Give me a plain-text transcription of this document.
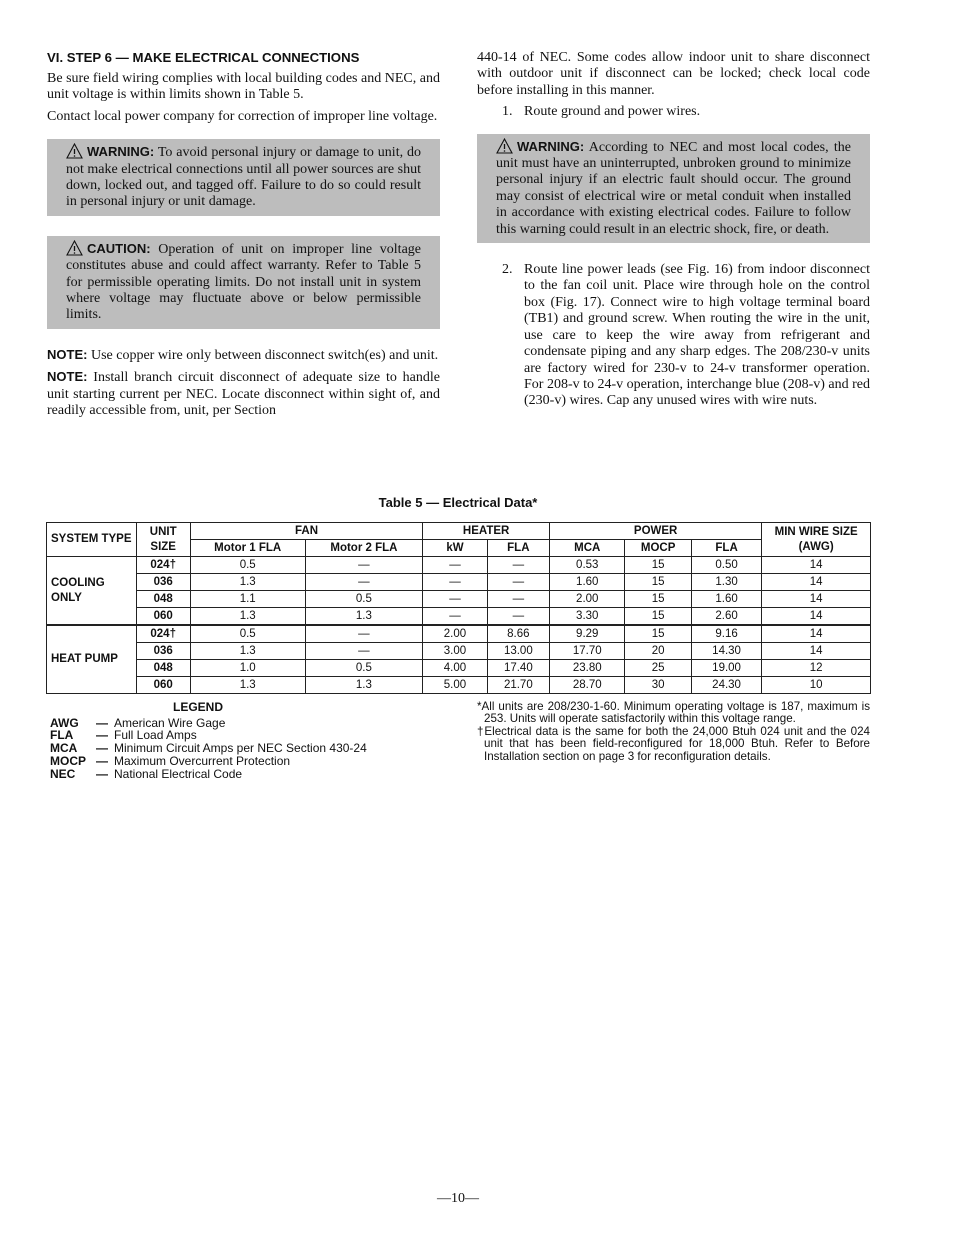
VI. STEP 6 — MAKE ELECTRICAL CONNECTIONS

Be sure field wiring complies with local building codes and NEC, and unit voltage is within limits shown in Table 5.

Contact local power company for correction of improper line voltage.

WARNING: To avoid personal injury or damage to unit, do not make electrical connections until all power sources are shut down, locked out, and tagged off. Failure to do so could result in personal injury or unit damage.
CAUTION: Operation of unit on improper line voltage constitutes abuse and could affect warranty. Refer to Table 5 for permissible operating limits. Do not install unit in system where voltage may fluctuate above or below permissible limits.

NOTE: Use copper wire only between disconnect switch(es) and unit.

NOTE: Install branch circuit disconnect of adequate size to handle unit starting current per NEC. Locate disconnect within sight of, and readily accessible from, unit, per Section

440-14 of NEC. Some codes allow indoor unit to share disconnect with outdoor unit if disconnect can be locked; check local code before installing in this manner.

1. Route ground and power wires.
WARNING: According to NEC and most local codes, the unit must have an uninterrupted, unbroken ground to minimize personal injury if an electric fault should occur. The ground may consist of electrical wire or metal conduit when installed in accordance with existing electrical codes. Failure to follow this warning could result in an electric shock, fire, or death.
2. Route line power leads (see Fig. 16) from indoor disconnect to the fan coil unit. Place wire through hole on the control box (Fig. 17). Connect wire to high voltage terminal board (TB1) and ground screw. When routing the wire in the unit, use care to keep the wire away from refrigerant and condensate piping and any sharp edges. The 208/230-v units are factory wired for 230-v to 24-v transformer operation. For 208-v to 24-v operation, interchange blue (208-v) and red (230-v) wires. Cap any unused wires with wire nuts.
Table 5 — Electrical Data*
SYSTEM TYPE	UNIT SIZE	FAN		HEATER		POWER			MIN WIRE SIZE (AWG)
		Motor 1 FLA	Motor 2 FLA	kW	FLA	MCA	MOCP	FLA	
COOLING ONLY	024†	0.5	—	—	—	0.53	15	0.50	14
	036	1.3	—	—	—	1.60	15	1.30	14
	048	1.1	0.5	—	—	2.00	15	1.60	14
	060	1.3	1.3	—	—	3.30	15	2.60	14
HEAT PUMP	024†	0.5	—	2.00	8.66	9.29	15	9.16	14
	036	1.3	—	3.00	13.00	17.70	20	14.30	14
	048	1.0	0.5	4.00	17.40	23.80	25	19.00	12
	060	1.3	1.3	5.00	21.70	28.70	30	24.30	10
LEGEND
AWG	— American Wire Gage
FLA	— Full Load Amps
MCA	— Minimum Circuit Amps per NEC Section 430-24
MOCP — Maximum Overcurrent Protection
NEC	— National Electrical Code

*All units are 208/230-1-60. Minimum operating voltage is 187, maximum is 253. Units will operate satisfactorily within this voltage range.

†Electrical data is the same for both the 24,000 Btuh 024 unit and the 024 unit that has been field-reconfigured for 18,000 Btuh. Refer to Before Installation section on page 3 for reconfiguration details.

—10—
